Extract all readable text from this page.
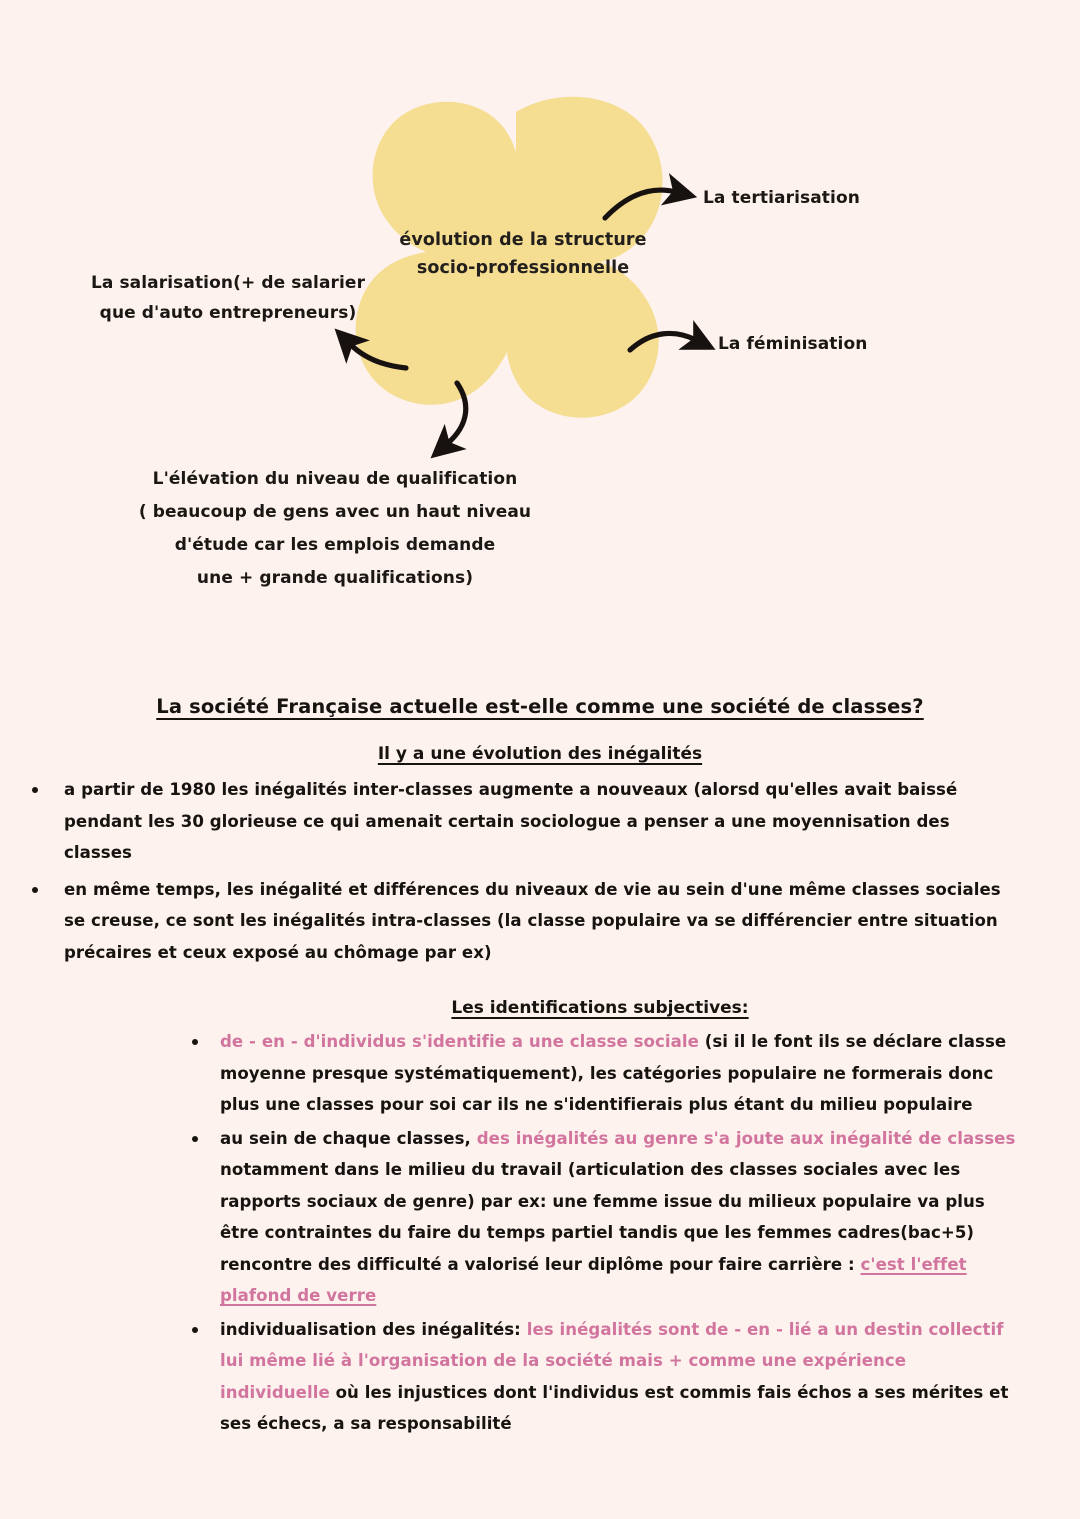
évolution de la structure
socio-professionnelle
La tertiarisation
La féminisation
La salarisation(+ de salarier
que d'auto entrepreneurs)
L'élévation du niveau de qualification
( beaucoup de gens avec un haut niveau
d'étude car les emplois demande
une + grande qualifications)
La société Française actuelle est-elle comme une société de classes?
Il y a une évolution des inégalités
a partir de 1980 les inégalités inter-classes augmente a nouveaux (alorsd qu'elles avait baissé pendant les 30 glorieuse ce qui amenait certain sociologue a penser a une moyennisation des classes
en même temps, les inégalité et différences du niveaux de vie au sein d'une même classes sociales se creuse, ce sont les inégalités intra-classes (la classe populaire va se différencier entre situation précaires et ceux exposé au chômage par ex)
Les identifications subjectives:
de - en - d'individus s'identifie a une classe sociale (si il le font ils se déclare classe moyenne presque systématiquement), les catégories populaire ne formerais donc plus une classes pour soi car ils ne s'identifierais plus étant du milieu populaire
au sein de chaque classes, des inégalités au genre s'a joute aux inégalité de classes notamment dans le milieu du travail (articulation des classes sociales avec les rapports sociaux de genre) par ex: une femme issue du milieux populaire va plus être contraintes du faire du temps partiel tandis que les femmes cadres(bac+5) rencontre des difficulté a valorisé leur diplôme pour faire carrière : c'est l'effet plafond de verre
individualisation des inégalités: les inégalités sont de - en - lié a un destin collectif lui même lié à l'organisation de la société mais + comme une expérience individuelle où les injustices dont l'individus est commis fais échos a ses mérites et ses échecs, a sa responsabilité
